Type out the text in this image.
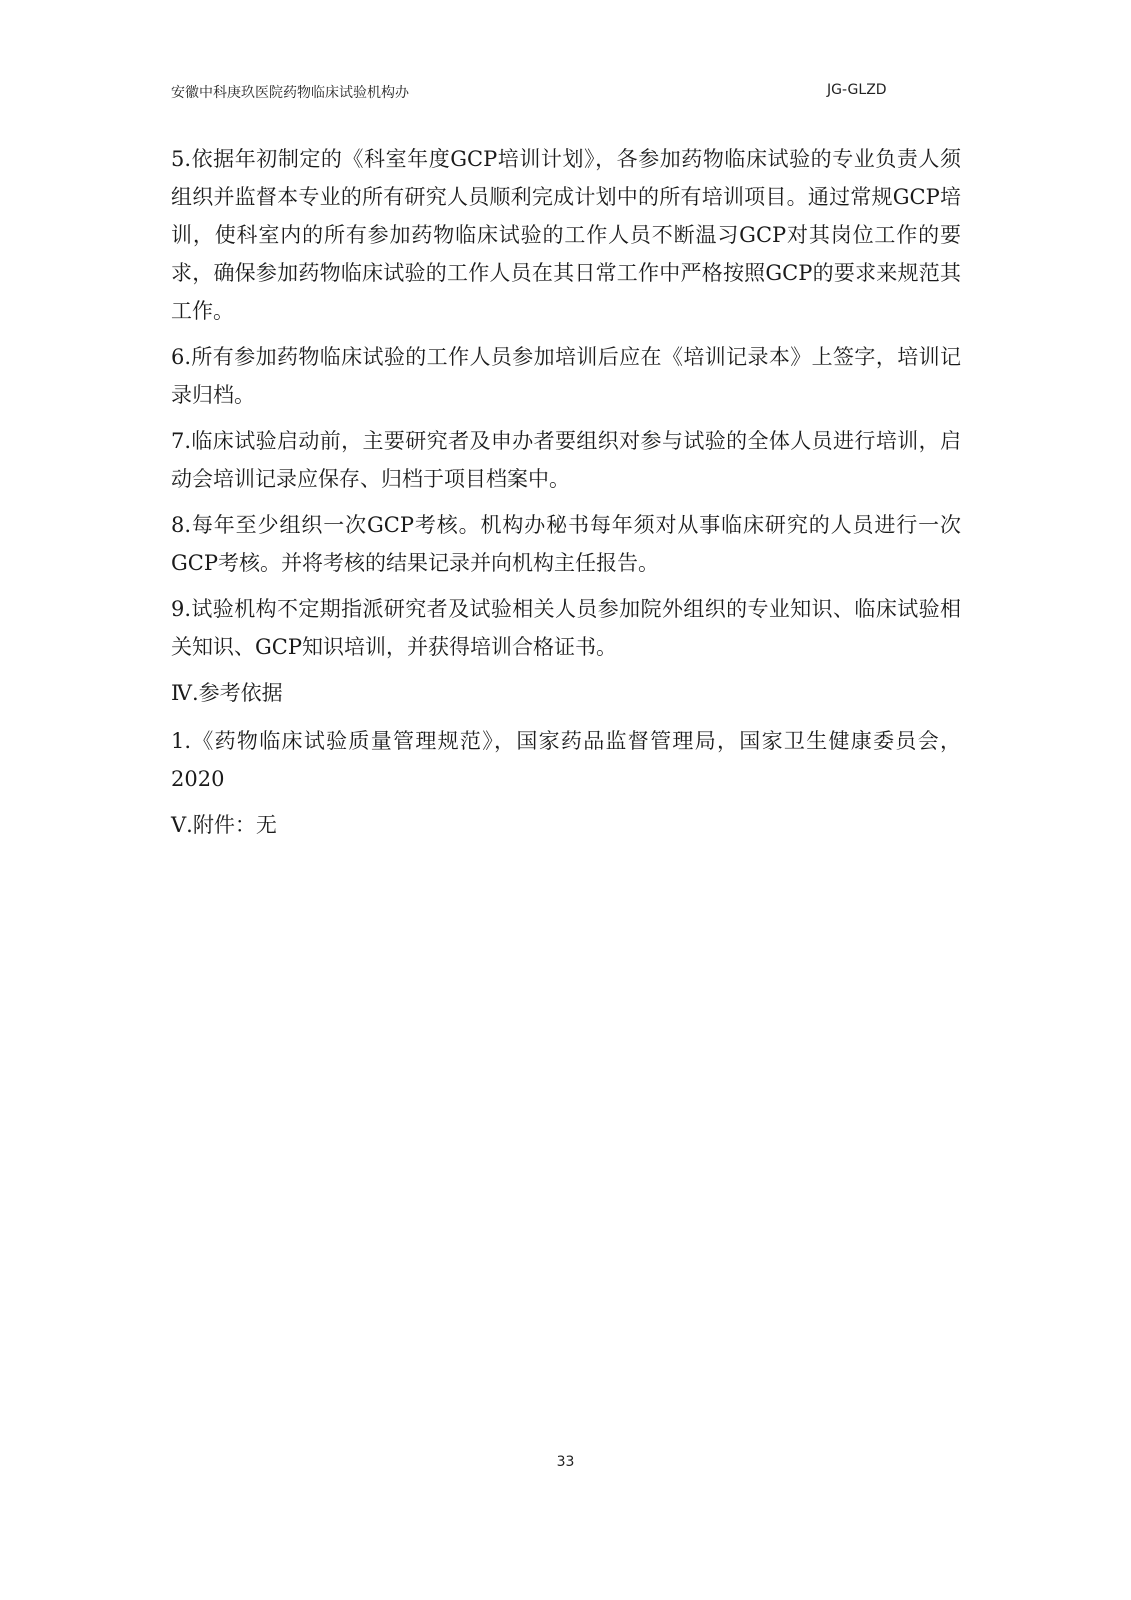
安徽中科庚玖医院药物临床试验机构办	JG-GLZD

5.依据年初制定的《科室年度GCP培训计划》，各参加药物临床试验的专业负责人须组织并监督本专业的所有研究人员顺利完成计划中的所有培训项目。通过常规GCP培训，使科室内的所有参加药物临床试验的工作人员不断温习GCP对其岗位工作的要求，确保参加药物临床试验的工作人员在其日常工作中严格按照GCP的要求来规范其工作。

6.所有参加药物临床试验的工作人员参加培训后应在《培训记录本》上签字，培训记录归档。

7.临床试验启动前，主要研究者及申办者要组织对参与试验的全体人员进行培训，启动会培训记录应保存、归档于项目档案中。

8.每年至少组织一次GCP考核。机构办秘书每年须对从事临床研究的人员进行一次GCP考核。并将考核的结果记录并向机构主任报告。

9.试验机构不定期指派研究者及试验相关人员参加院外组织的专业知识、临床试验相关知识、GCP知识培训，并获得培训合格证书。

Ⅳ.参考依据

1.《药物临床试验质量管理规范》，国家药品监督管理局，国家卫生健康委员会，2020

Ⅴ.附件：无

33
